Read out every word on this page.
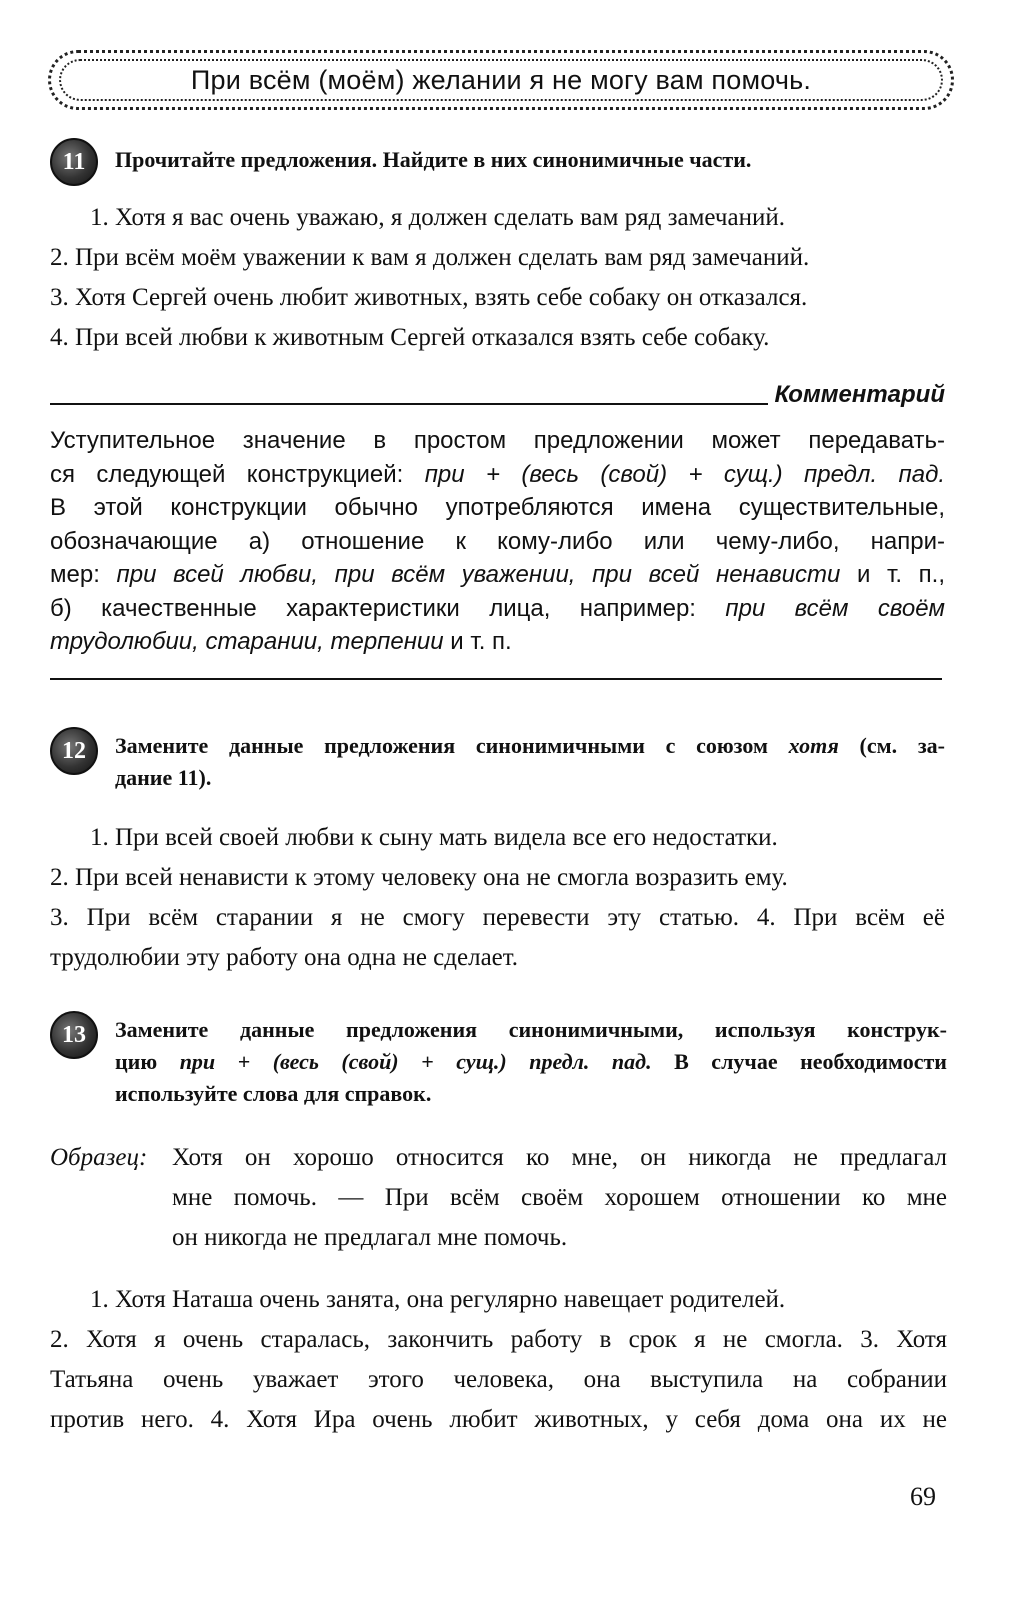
При всём (моём) желании я не могу вам помочь.
11	Прочитайте предложения. Найдите в них синонимичные части.

1. Хотя я вас очень уважаю, я должен сделать вам ряд замечаний.

2. При всём моём уважении к вам я должен сделать вам ряд замечаний.

3. Хотя Сергей очень любит животных, взять себе собаку он отказался.

4. При всей любви к животным Сергей отказался взять себе собаку.

Комментарий

Уступительное значение в простом предложении может передавать-

ся следующей конструкцией: при + (весь (свой) + сущ.) предл. пад.

В этой конструкции обычно употребляются имена существительные,

обозначающие а) отношение к кому-либо или чему-либо, напри-

мер: при всей любви, при всём уважении, при всей ненависти и т. п.,

б) качественные характеристики лица, например: при всём своём

трудолюбии, старании, терпении и т. п.

12	Замените данные предложения синонимичными с союзом хотя (см. за-

дание 11).

1. При всей своей любви к сыну мать видела все его недостатки.

2. При всей ненависти к этому человеку она не смогла возразить ему.

3. При всём старании я не смогу перевести эту статью. 4. При всём её

трудолюбии эту работу она одна не сделает.

13	Замените данные предложения синонимичными, используя конструк-

цию при + (весь (свой) + сущ.) предл. пад. В случае необходимости

используйте слова для справок.

Образец: Хотя он хорошо относится ко мне, он никогда не предлагал

мне помочь. — При всём своём хорошем отношении ко мне

он никогда не предлагал мне помочь.

1. Хотя Наташа очень занята, она регулярно навещает родителей.

2. Хотя я очень старалась, закончить работу в срок я не смогла. 3. Хотя

Татьяна очень уважает этого человека, она выступила на собрании

против него. 4. Хотя Ира очень любит животных, у себя дома она их не

69
